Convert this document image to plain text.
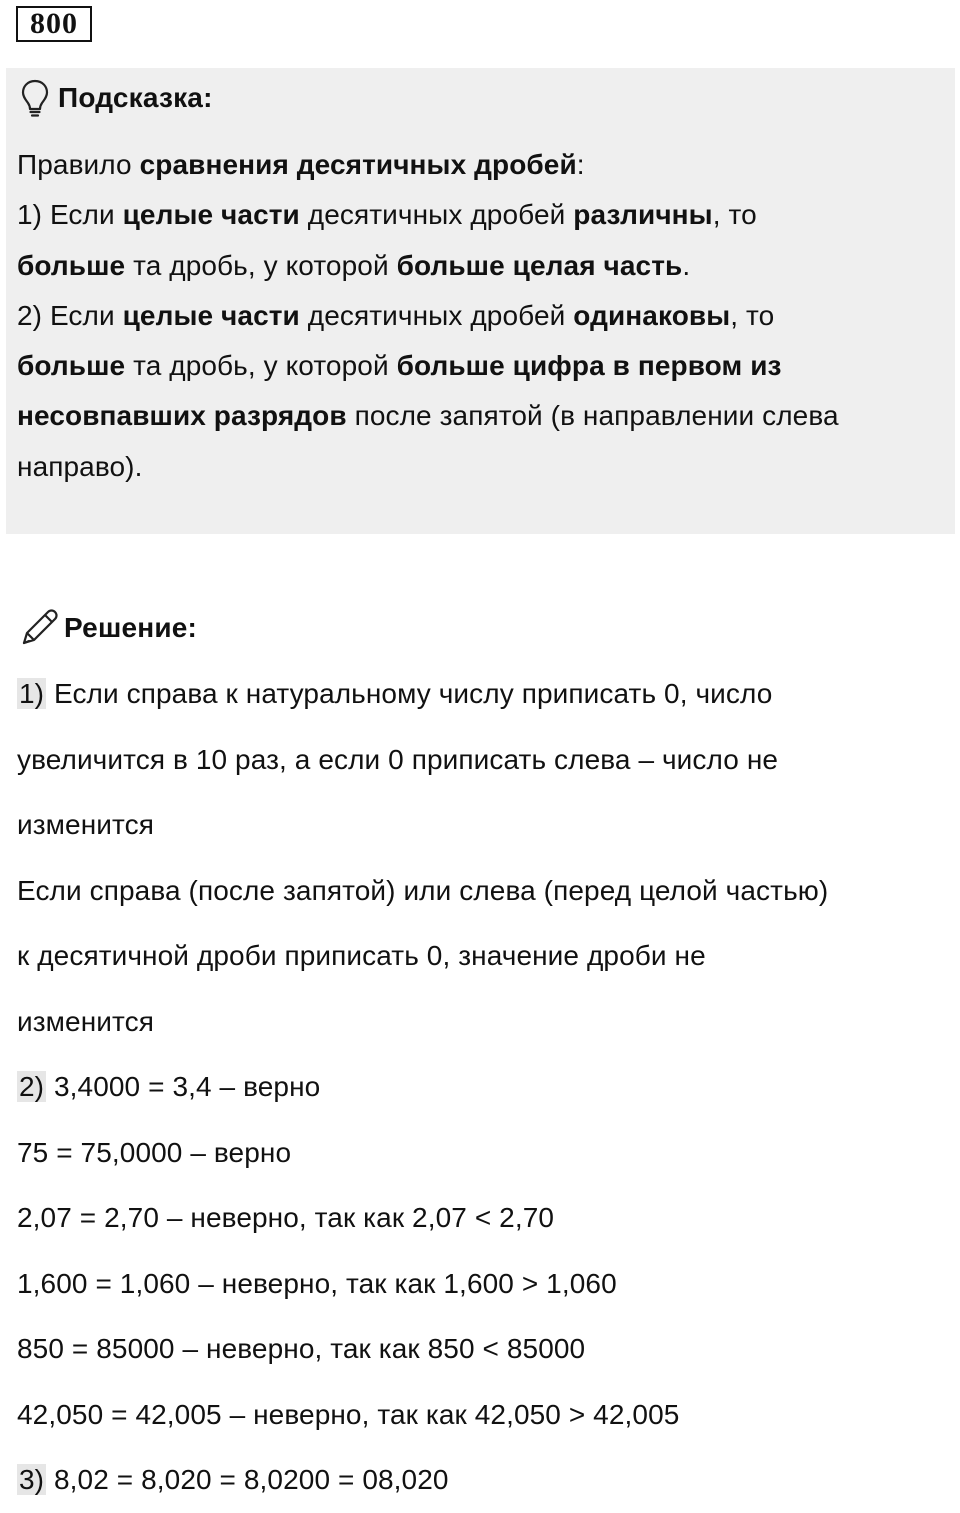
800
Подсказка:
Правило сравнения десятичных дробей:
1) Если целые части десятичных дробей различны, то
больше та дробь, у которой больше целая часть.
2) Если целые части десятичных дробей одинаковы, то
больше та дробь, у которой больше цифра в первом из
несовпавших разрядов после запятой (в направлении слева
направо).
Решение:
1) Если справа к натуральному числу приписать 0, число
увеличится в 10 раз, а если 0 приписать слева – число не
изменится
Если справа (после запятой) или слева (перед целой частью)
к десятичной дроби приписать 0, значение дроби не
изменится
2) 3,4000 = 3,4 – верно
75 = 75,0000 – верно
2,07 = 2,70 – неверно, так как 2,07 < 2,70
1,600 = 1,060 – неверно, так как 1,600 > 1,060
850 = 85000 – неверно, так как 850 < 85000
42,050 = 42,005 – неверно, так как 42,050 > 42,005
3) 8,02 = 8,020 = 8,0200 = 08,020
